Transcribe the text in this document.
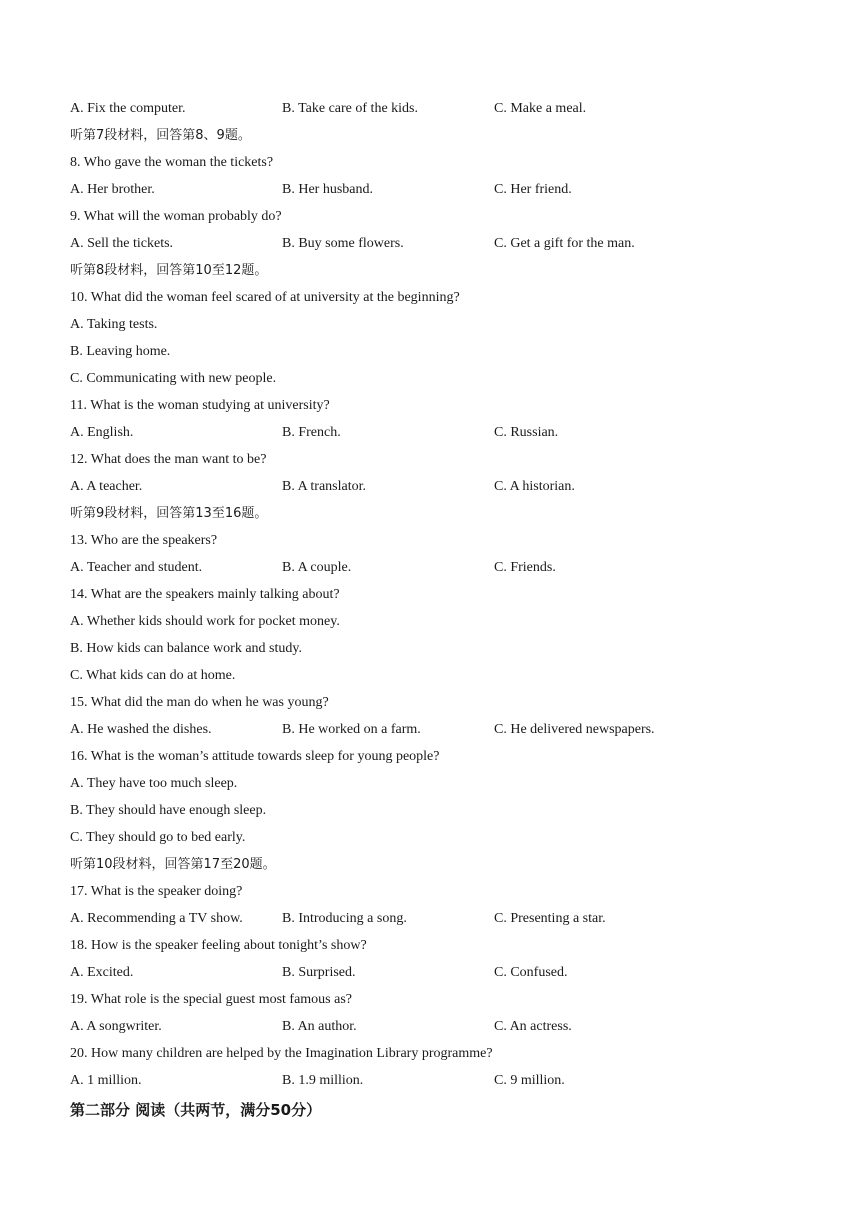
A. Fix the computer.	B. Take care of the kids.	C. Make a meal.
听第7段材料，回答第8、9题。
8. Who gave the woman the tickets?
A. Her brother.	B. Her husband.	C. Her friend.
9. What will the woman probably do?
A. Sell the tickets.	B. Buy some flowers.	C. Get a gift for the man.
听第8段材料，回答第10至12题。
10. What did the woman feel scared of at university at the beginning?
A. Taking tests.
B. Leaving home.
C. Communicating with new people.
11. What is the woman studying at university?
A. English.	B. French.	C. Russian.
12. What does the man want to be?
A. A teacher.	B. A translator.	C. A historian.
听第9段材料，回答第13至16题。
13. Who are the speakers?
A. Teacher and student.	B. A couple.	C. Friends.
14. What are the speakers mainly talking about?
A. Whether kids should work for pocket money.
B. How kids can balance work and study.
C. What kids can do at home.
15. What did the man do when he was young?
A. He washed the dishes.	B. He worked on a farm.	C. He delivered newspapers.
16. What is the woman’s attitude towards sleep for young people?
A. They have too much sleep.
B. They should have enough sleep.
C. They should go to bed early.
听第10段材料，回答第17至20题。
17. What is the speaker doing?
A. Recommending a TV show.	B. Introducing a song.	C. Presenting a star.
18. How is the speaker feeling about tonight’s show?
A. Excited.	B. Surprised.	C. Confused.
19. What role is the special guest most famous as?
A. A songwriter.	B. An author.	C. An actress.
20. How many children are helped by the Imagination Library programme?
A. 1 million.	B. 1.9 million.	C. 9 million.
第二部分 阅读（共两节，满分50分）
